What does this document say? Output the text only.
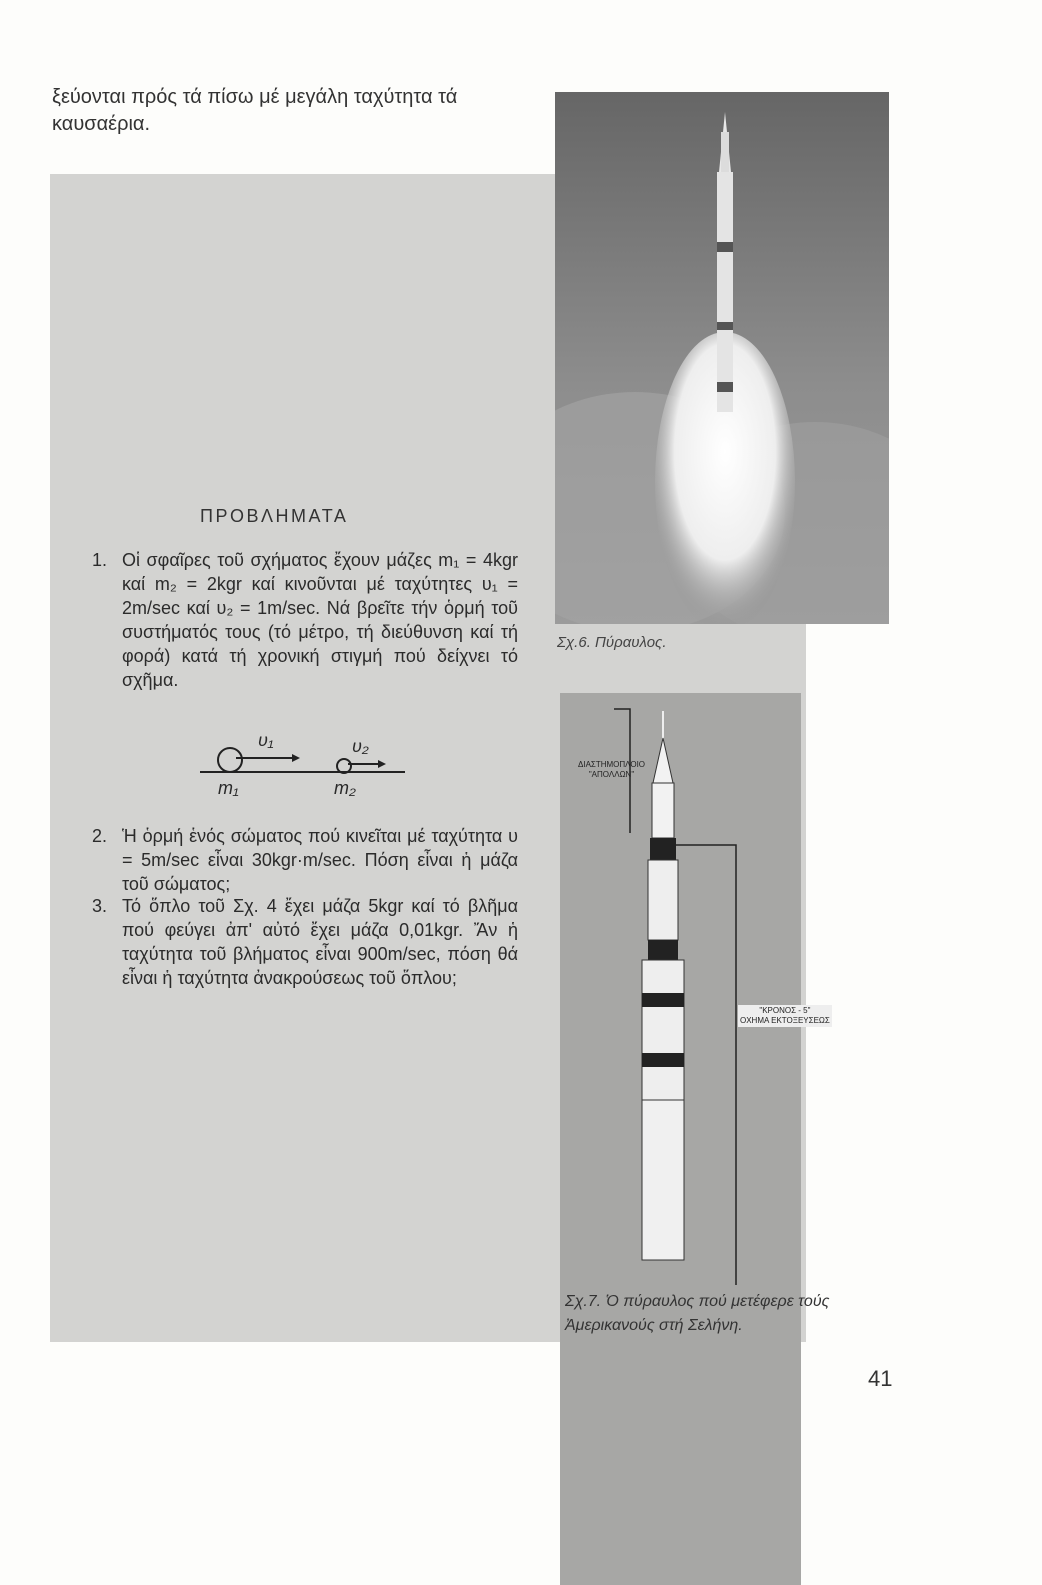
ξεύονται πρός τά πίσω μέ μεγάλη ταχύτητα τά καυσαέρια.
Σχ.6. Πύραυλος.
ΔΙΑΣΤΗΜΟΠΛΟΙΟ
"ΑΠΟΛΛΩΝ"
"ΚΡΟΝΟΣ - 5"
ΟΧΗΜΑ ΕΚΤΟΞΕΥΣΕΩΣ
Σχ.7. Ὁ πύραυλος πού μετέφερε τούς Ἀμερικανούς στή Σελήνη.
ΠΡΟΒΛΗΜΑΤΑ
1. Οἱ σφαῖρες τοῦ σχήματος ἔχουν μάζες m₁ = 4kgr καί m₂ = 2kgr καί κινοῦνται μέ ταχύτητες υ₁ = 2m/sec καί υ₂ = 1m/sec. Νά βρεῖτε τήν ὁρμή τοῦ συστήματός τους (τό μέτρο, τή διεύθυνση καί τή φορά) κατά τή χρονική στιγμή πού δείχνει τό σχῆμα.
υ₁	υ₂
m₁	m₂
2. Ἡ ὁρμή ἑνός σώματος πού κινεῖται μέ ταχύτητα υ = 5m/sec εἶναι 30kgr·m/sec. Πόση εἶναι ἡ μάζα τοῦ σώματος;
3. Τό ὅπλο τοῦ Σχ. 4 ἔχει μάζα 5kgr καί τό βλῆμα πού φεύγει ἀπ' αὐτό ἔχει μάζα 0,01kgr. Ἄν ἡ ταχύτητα τοῦ βλήματος εἶναι 900m/sec, πόση θά εἶναι ἡ ταχύτητα ἀνακρούσεως τοῦ ὅπλου;
41
